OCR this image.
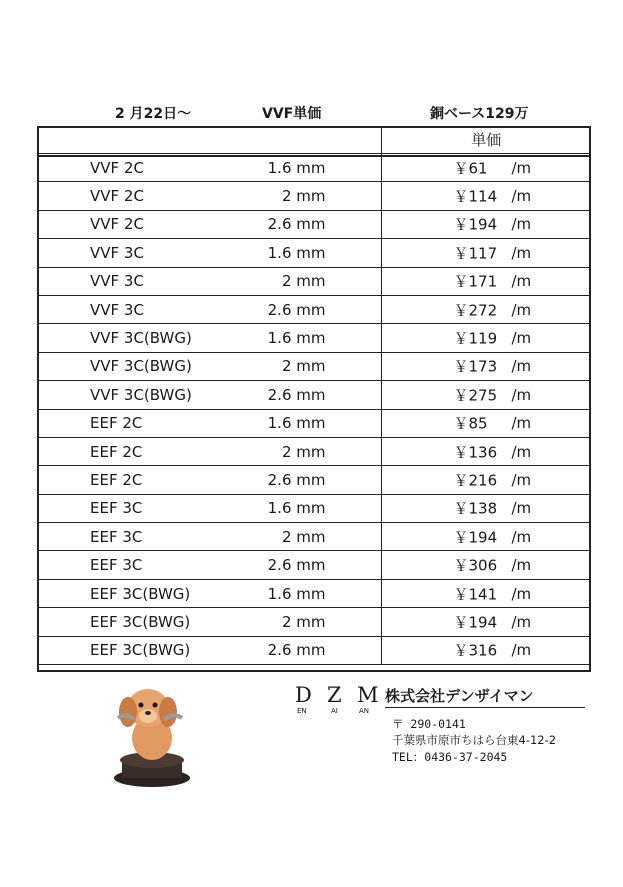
2 月22日～	VVF単価	銅ベース129万
	単価

VVF 2C 1.6 mm	￥61 /m

VVF 2C 2 mm	￥114 /m

VVF 2C 2.6 mm	￥194 /m

VVF 3C 1.6 mm	￥117 /m

VVF 3C 2 mm	￥171 /m

VVF 3C 2.6 mm	￥272 /m

VVF 3C(BWG) 1.6 mm	￥119 /m

VVF 3C(BWG) 2 mm	￥173 /m

VVF 3C(BWG) 2.6 mm	￥275 /m

EEF 2C 1.6 mm	￥85 /m

EEF 2C 2 mm	￥136 /m

EEF 2C 2.6 mm	￥216 /m

EEF 3C 1.6 mm	￥138 /m

EEF 3C 2 mm	￥194 /m

EEF 3C 2.6 mm	￥306 /m

EEF 3C(BWG) 1.6 mm	￥141 /m

EEF 3C(BWG) 2 mm	￥194 /m

EEF 3C(BWG) 2.6 mm	￥316 /m
D
EN
Z
AI
M
AN
株式会社デンザイマン
〒 290-0141
千葉県市原市ちはら台東4-12-2
TEL：0436-37-2045
